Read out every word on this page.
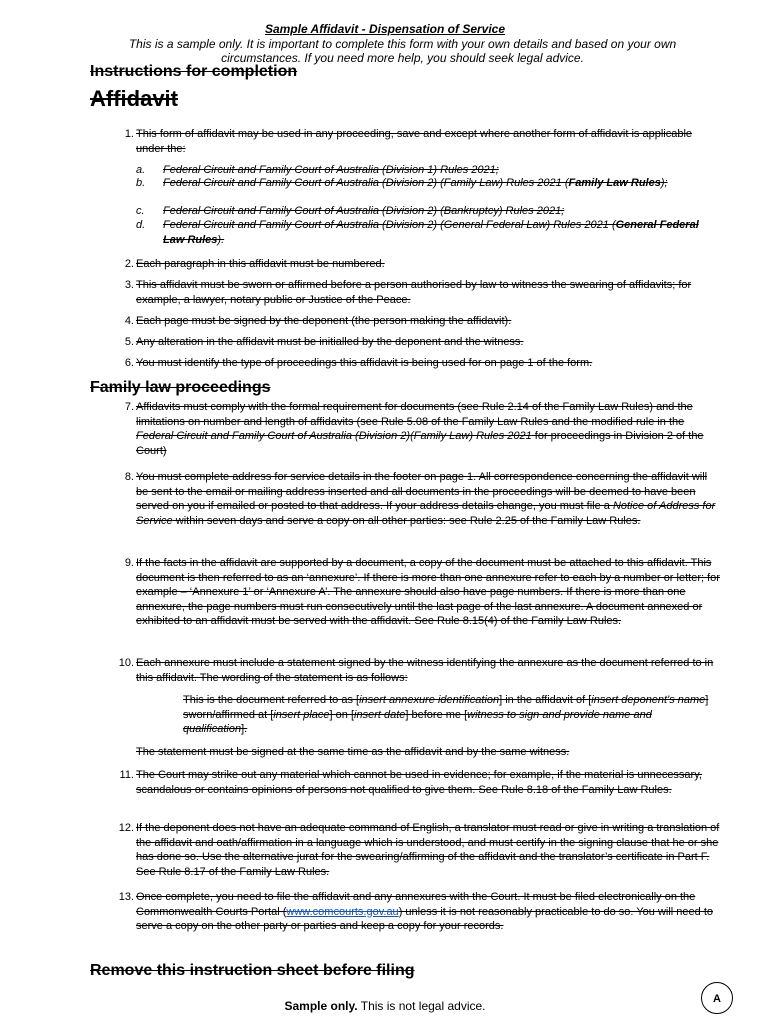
Sample Affidavit - Dispensation of Service
This is a sample only. It is important to complete this form with your own details and based on your own circumstances. If you need more help, you should seek legal advice.
Instructions for completion
Affidavit
1. This form of affidavit may be used in any proceeding, save and except where another form of affidavit is applicable under the:
a.	Federal Circuit and Family Court of Australia (Division 1) Rules 2021;
b.	Federal Circuit and Family Court of Australia (Division 2) (Family Law) Rules 2021 (Family Law Rules);
c.	Federal Circuit and Family Court of Australia (Division 2) (Bankruptcy) Rules 2021;
d.	Federal Circuit and Family Court of Australia (Division 2) (General Federal Law) Rules 2021 (General Federal Law Rules).
2. Each paragraph in this affidavit must be numbered.
3. This affidavit must be sworn or affirmed before a person authorised by law to witness the swearing of affidavits; for example, a lawyer, notary public or Justice of the Peace.
4. Each page must be signed by the deponent (the person making the affidavit).
5. Any alteration in the affidavit must be initialled by the deponent and the witness.
6. You must identify the type of proceedings this affidavit is being used for on page 1 of the form.
Family law proceedings
7. Affidavits must comply with the formal requirement for documents (see Rule 2.14 of the Family Law Rules) and the limitations on number and length of affidavits (see Rule 5.08 of the Family Law Rules and the modified rule in the Federal Circuit and Family Court of Australia (Division 2)(Family Law) Rules 2021 for proceedings in Division 2 of the Court)
8. You must complete address for service details in the footer on page 1. All correspondence concerning the affidavit will be sent to the email or mailing address inserted and all documents in the proceedings will be deemed to have been served on you if emailed or posted to that address. If your address details change, you must file a Notice of Address for Service within seven days and serve a copy on all other parties: see Rule 2.25 of the Family Law Rules.
9. If the facts in the affidavit are supported by a document, a copy of the document must be attached to this affidavit. This document is then referred to as an ‘annexure’. If there is more than one annexure refer to each by a number or letter; for example – ‘Annexure 1’ or ‘Annexure A’. The annexure should also have page numbers. If there is more than one annexure, the page numbers must run consecutively until the last page of the last annexure. A document annexed or exhibited to an affidavit must be served with the affidavit. See Rule 8.15(4) of the Family Law Rules.
10. Each annexure must include a statement signed by the witness identifying the annexure as the document referred to in this affidavit. The wording of the statement is as follows:
This is the document referred to as [insert annexure identification] in the affidavit of [insert deponent's name] sworn/affirmed at [insert place] on [insert date] before me [witness to sign and provide name and qualification].
The statement must be signed at the same time as the affidavit and by the same witness.
11. The Court may strike out any material which cannot be used in evidence; for example, if the material is unnecessary, scandalous or contains opinions of persons not qualified to give them. See Rule 8.18 of the Family Law Rules.
12. If the deponent does not have an adequate command of English, a translator must read or give in writing a translation of the affidavit and oath/affirmation in a language which is understood, and must certify in the signing clause that he or she has done so. Use the alternative jurat for the swearing/affirming of the affidavit and the translator’s certificate in Part F. See Rule 8.17 of the Family Law Rules.
13. Once complete, you need to file the affidavit and any annexures with the Court. It must be filed electronically on the Commonwealth Courts Portal (www.comcourts.gov.au) unless it is not reasonably practicable to do so. You will need to serve a copy on the other party or parties and keep a copy for your records.
Remove this instruction sheet before filing
Sample only. This is not legal advice.	A
